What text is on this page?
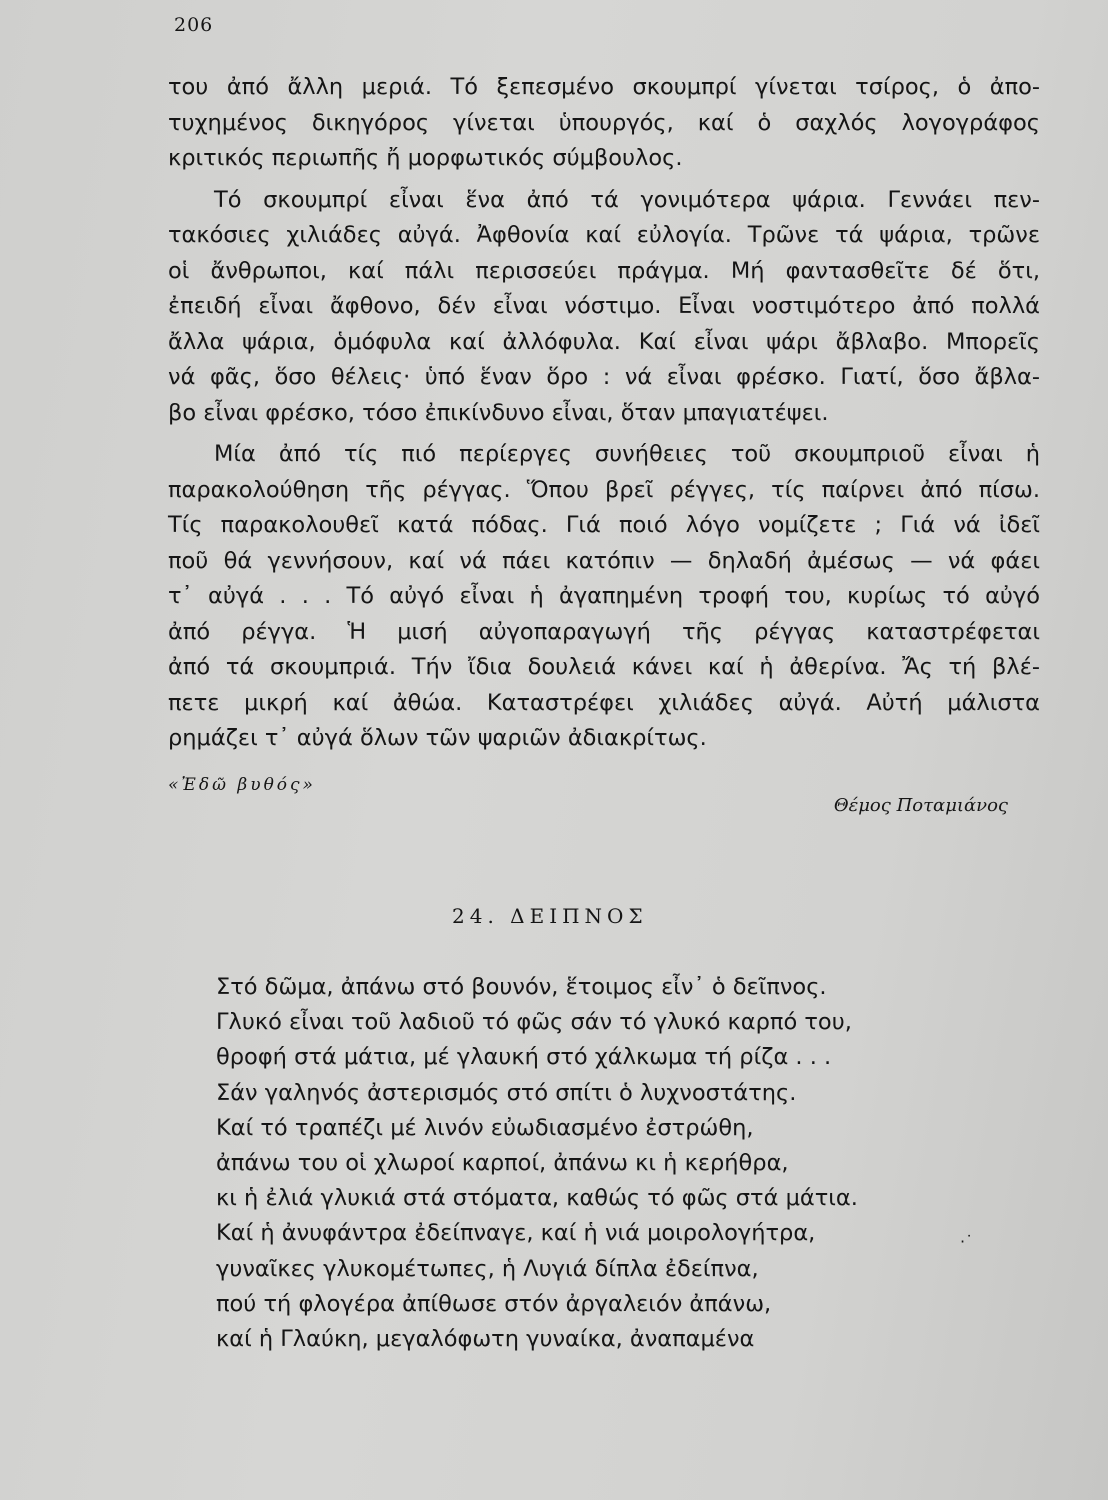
206

του ἀπό ἄλλη μεριά. Τό ξεπεσμένο σκουμπρί γίνεται τσίρος, ὁ ἀπο-

τυχημένος δικηγόρος γίνεται ὑπουργός, καί ὁ σαχλός λογογράφος

κριτικός περιωπῆς ἤ μορφωτικός σύμβουλος.

Τό σκουμπρί εἶναι ἕνα ἀπό τά γονιμότερα ψάρια. Γεννάει πεν-

τακόσιες χιλιάδες αὐγά. Ἀφθονία καί εὐλογία. Τρῶνε τά ψάρια, τρῶνε

οἱ ἄνθρωποι, καί πάλι περισσεύει πράγμα. Μή φαντασθεῖτε δέ ὅτι,

ἐπειδή εἶναι ἄφθονο, δέν εἶναι νόστιμο. Εἶναι νοστιμότερο ἀπό πολλά

ἄλλα ψάρια, ὁμόφυλα καί ἀλλόφυλα. Καί εἶναι ψάρι ἄβλαβο. Μπορεῖς

νά φᾶς, ὅσο θέλεις· ὑπό ἕναν ὅρο : νά εἶναι φρέσκο. Γιατί, ὅσο ἄβλα-

βο εἶναι φρέσκο, τόσο ἐπικίνδυνο εἶναι, ὅταν μπαγιατέψει.

Μία ἀπό τίς πιό περίεργες συνήθειες τοῦ σκουμπριοῦ εἶναι ἡ

παρακολούθηση τῆς ρέγγας. Ὅπου βρεῖ ρέγγες, τίς παίρνει ἀπό πίσω.

Τίς παρακολουθεῖ κατά πόδας. Γιά ποιό λόγο νομίζετε ; Γιά νά ἰδεῖ

ποῦ θά γεννήσουν, καί νά πάει κατόπιν — δηλαδή ἀμέσως — νά φάει

τ᾽ αὐγά . . . Τό αὐγό εἶναι ἡ ἀγαπημένη τροφή του, κυρίως τό αὐγό

ἀπό ρέγγα. Ἡ μισή αὐγοπαραγωγή τῆς ρέγγας καταστρέφεται

ἀπό τά σκουμπριά. Τήν ἴδια δουλειά κάνει καί ἡ ἀθερίνα. Ἄς τή βλέ-

πετε μικρή καί ἀθώα. Καταστρέφει χιλιάδες αὐγά. Αὐτή μάλιστα

ρημάζει τ᾽ αὐγά ὅλων τῶν ψαριῶν ἀδιακρίτως.

«Ἐδῶ βυθός»
Θέμος Ποταμιάνος
24. ΔΕΙΠΝΟΣ

Στό δῶμα, ἀπάνω στό βουνόν, ἕτοιμος εἶν᾽ ὁ δεῖπνος.

Γλυκό εἶναι τοῦ λαδιοῦ τό φῶς σάν τό γλυκό καρπό του,

θροφή στά μάτια, μέ γλαυκή στό χάλκωμα τή ρίζα . . .

Σάν γαληνός ἀστερισμός στό σπίτι ὁ λυχνοστάτης.

Καί τό τραπέζι μέ λινόν εὐωδιασμένο ἐστρώθη,

ἀπάνω του οἱ χλωροί καρποί, ἀπάνω κι ἡ κερήθρα,

κι ἡ ἐλιά γλυκιά στά στόματα, καθώς τό φῶς στά μάτια.

Καί ἡ ἀνυφάντρα ἐδείπναγε, καί ἡ νιά μοιρολογήτρα,

γυναῖκες γλυκομέτωπες, ἡ Λυγιά δίπλα ἐδείπνα,

πού τή φλογέρα ἀπίθωσε στόν ἀργαλειόν ἀπάνω,

καί ἡ Γλαύκη, μεγαλόφωτη γυναίκα, ἀναπαμένα

·˙
